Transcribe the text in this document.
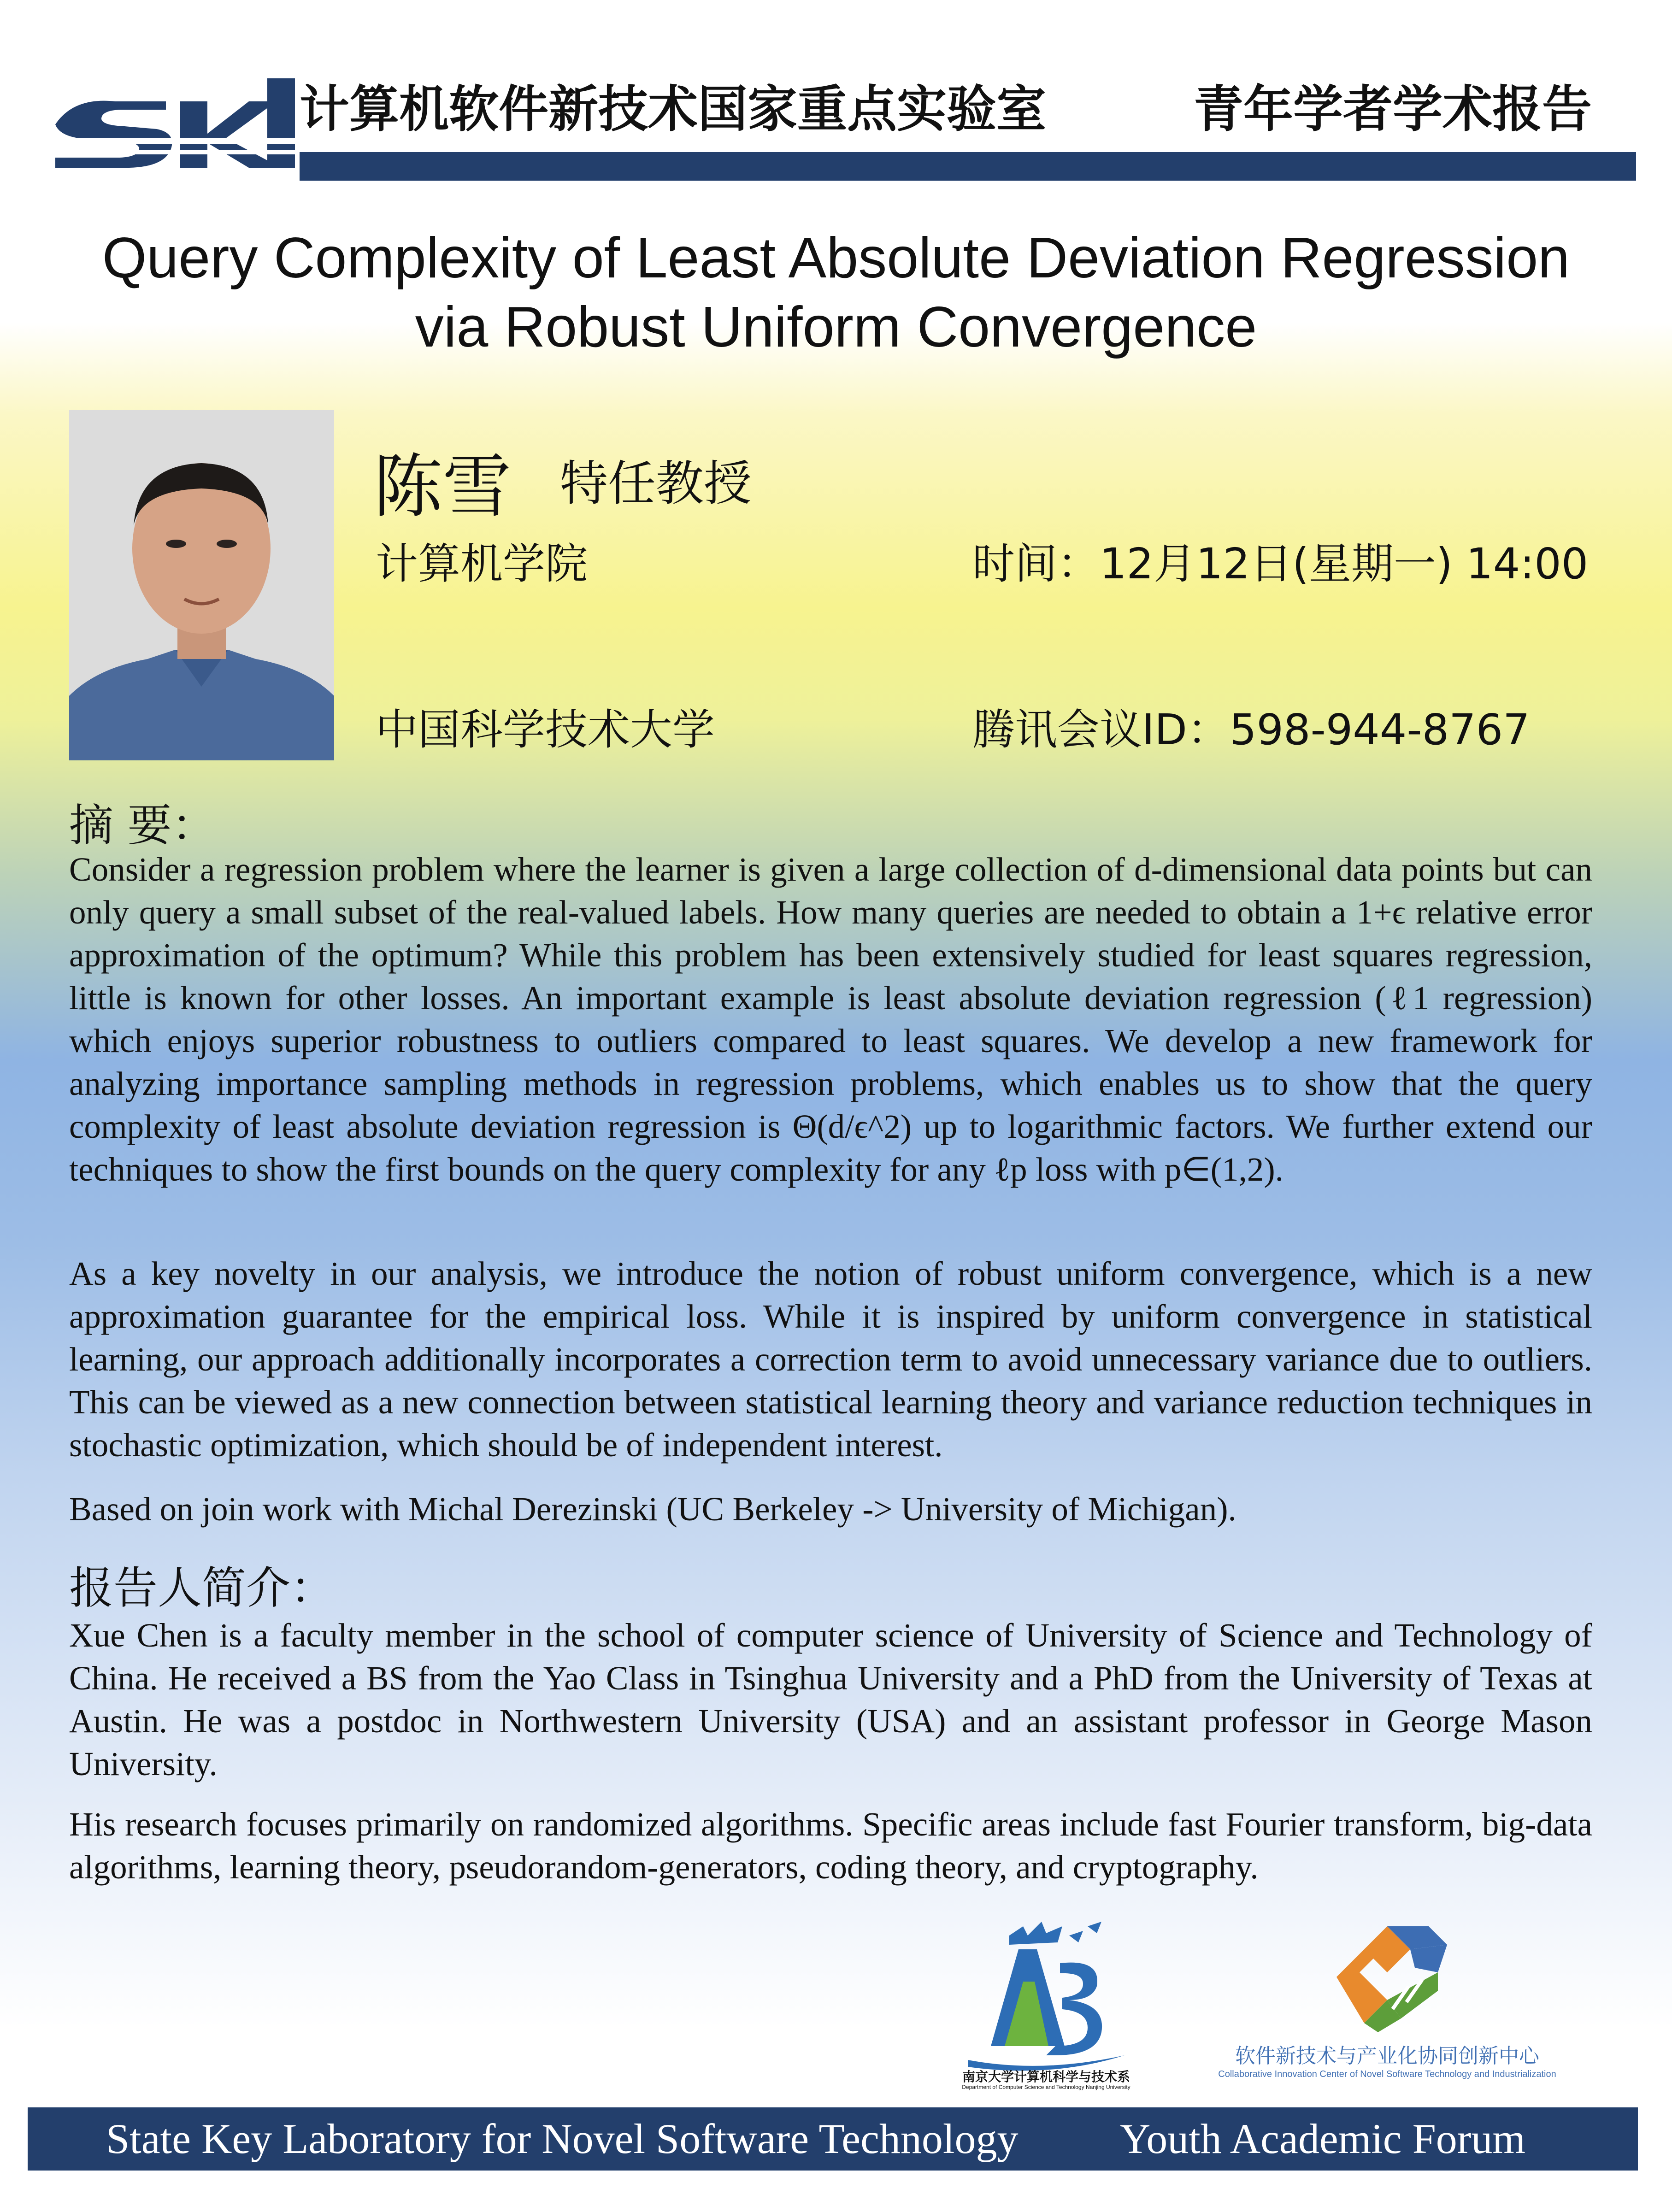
计算机软件新技术国家重点实验室	青年学者学术报告
Query Complexity of Least Absolute Deviation Regression
via Robust Uniform Convergence
陈雪 特任教授
计算机学院
中国科学技术大学
时间：12月12日(星期一) 14:00
腾讯会议ID：598-944-8767
摘 要：
Consider a regression problem where the learner is given a large collection of d-dimensional data points but can only query a small subset of the real-valued labels. How many queries are needed to obtain a 1+ϵ relative error approximation of the optimum? While this problem has been extensively studied for least squares regression, little is known for other losses. An important example is least absolute deviation regression (ℓ1 regression) which enjoys superior robustness to outliers compared to least squares. We develop a new framework for analyzing importance sampling methods in regression problems, which enables us to show that the query complexity of least absolute deviation regression is Θ(d/ϵ^2) up to logarithmic factors. We further extend our techniques to show the first bounds on the query complexity for any ℓp loss with p∈(1,2).
As a key novelty in our analysis, we introduce the notion of robust uniform convergence, which is a new approximation guarantee for the empirical loss. While it is inspired by uniform convergence in statistical learning, our approach additionally incorporates a correction term to avoid unnecessary variance due to outliers. This can be viewed as a new connection between statistical learning theory and variance reduction techniques in stochastic optimization, which should be of independent interest.
Based on join work with Michal Derezinski (UC Berkeley -> University of Michigan).
报告人简介：
Xue Chen is a faculty member in the school of computer science of University of Science and Technology of China. He received a BS from the Yao Class in Tsinghua University and a PhD from the University of Texas at Austin. He was a postdoc in Northwestern University (USA) and an assistant professor in George Mason University.
His research focuses primarily on randomized algorithms. Specific areas include fast Fourier transform, big-data algorithms, learning theory, pseudorandom-generators, coding theory, and cryptography.
南京大学计算机科学与技术系
Department of Computer Science and Technology Nanjing University
软件新技术与产业化协同创新中心
Collaborative Innovation Center of Novel Software Technology and Industrialization
State Key Laboratory for Novel Software Technology Youth Academic Forum
